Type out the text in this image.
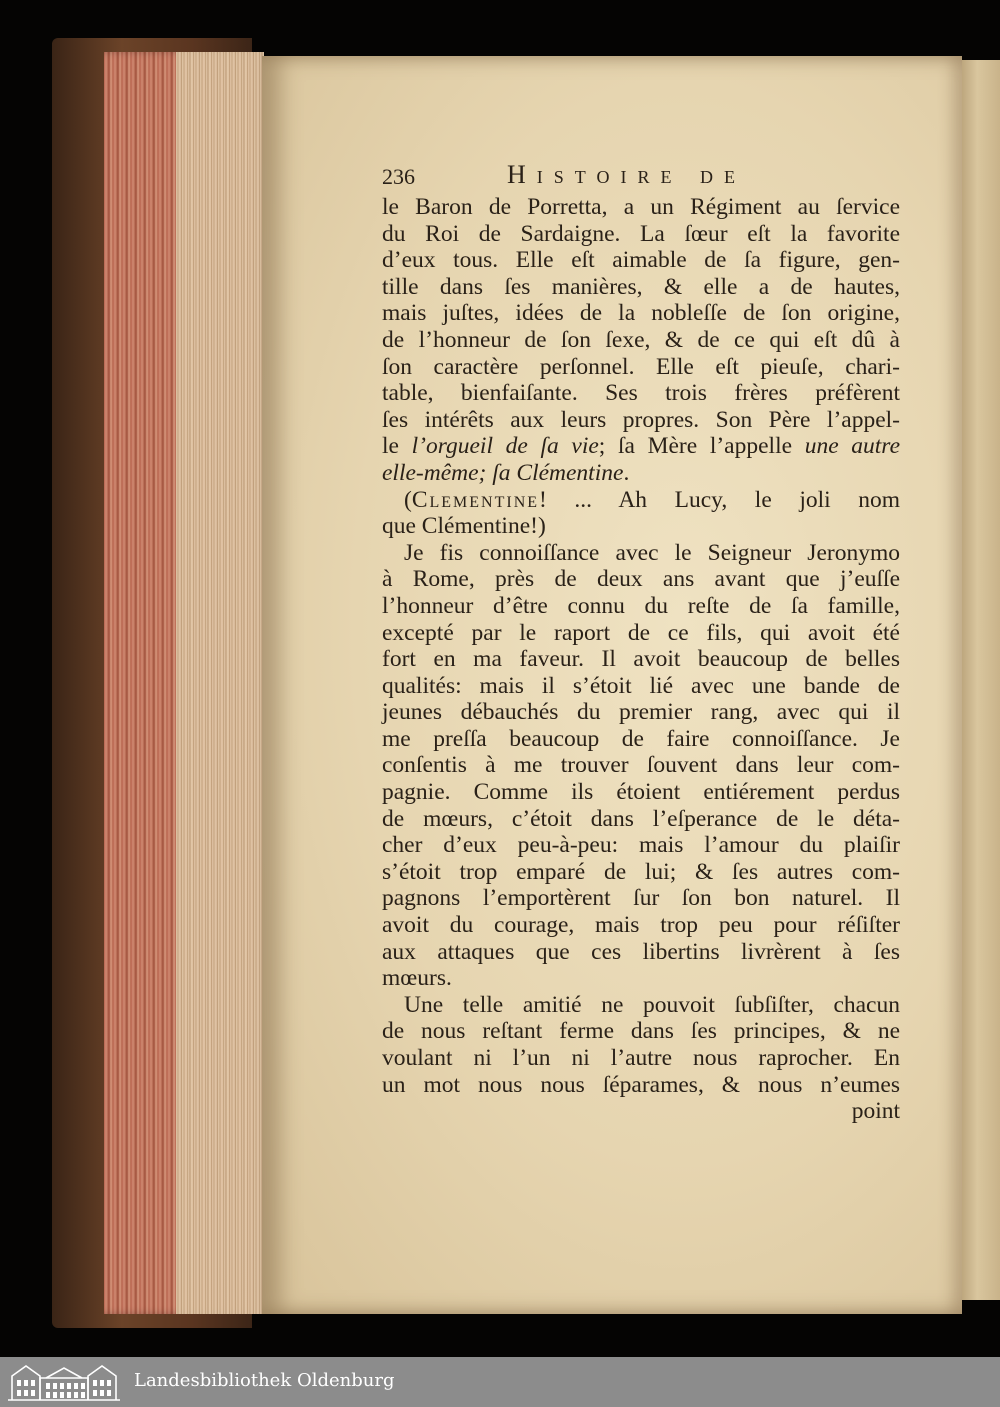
236	Histoire de
le Baron de Porretta, a un Régiment au ſervice
du Roi de Sardaigne. La ſœur eſt la favorite
d’eux tous. Elle eſt aimable de ſa figure, gen-
tille dans ſes manières, & elle a de hautes,
mais juſtes, idées de la nobleſſe de ſon origine,
de l’honneur de ſon ſexe, & de ce qui eſt dû à
ſon caractère perſonnel. Elle eſt pieuſe, chari-
table, bienfaiſante. Ses trois frères préfèrent
ſes intérêts aux leurs propres. Son Père l’appel-
le l’orgueil de ſa vie; ſa Mère l’appelle une autre
elle-même; ſa Clémentine.
(Clementine! ... Ah Lucy, le joli nom
que Clémentine!)
Je fis connoiſſance avec le Seigneur Jeronymo
à Rome, près de deux ans avant que j’euſſe
l’honneur d’être connu du reſte de ſa famille,
excepté par le raport de ce fils, qui avoit été
fort en ma faveur. Il avoit beaucoup de belles
qualités: mais il s’étoit lié avec une bande de
jeunes débauchés du premier rang, avec qui il
me preſſa beaucoup de faire connoiſſance. Je
conſentis à me trouver ſouvent dans leur com-
pagnie. Comme ils étoient entiérement perdus
de mœurs, c’étoit dans l’eſperance de le déta-
cher d’eux peu-à-peu: mais l’amour du plaiſir
s’étoit trop emparé de lui; & ſes autres com-
pagnons l’emportèrent ſur ſon bon naturel. Il
avoit du courage, mais trop peu pour réſiſter
aux attaques que ces libertins livrèrent à ſes
mœurs.
Une telle amitié ne pouvoit ſubſiſter, chacun
de nous reſtant ferme dans ſes principes, & ne
voulant ni l’un ni l’autre nous raprocher. En
un mot nous nous ſéparames, & nous n’eumes
point
Landesbibliothek Oldenburg
